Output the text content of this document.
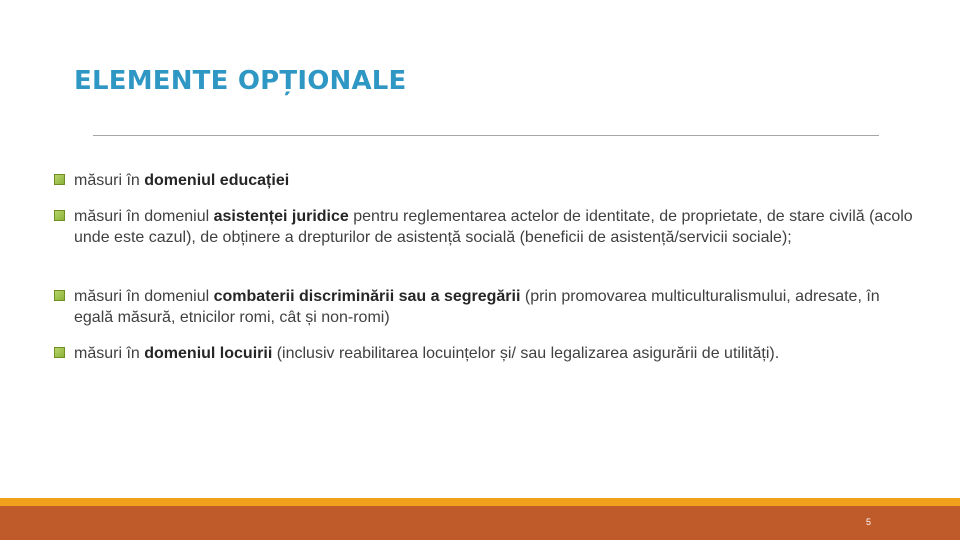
ELEMENTE OPȚIONALE
măsuri în domeniul educației
măsuri în domeniul asistenței juridice pentru reglementarea actelor de identitate, de proprietate, de stare civilă (acolo unde este cazul), de obținere a drepturilor de asistență socială (beneficii de asistență/servicii sociale);
măsuri în domeniul combaterii discriminării sau a segregării (prin promovarea multiculturalismului, adresate, în egală măsură, etnicilor romi, cât și non-romi)
măsuri în domeniul locuirii (inclusiv reabilitarea locuințelor și/ sau legalizarea asigurării de utilități).
5
